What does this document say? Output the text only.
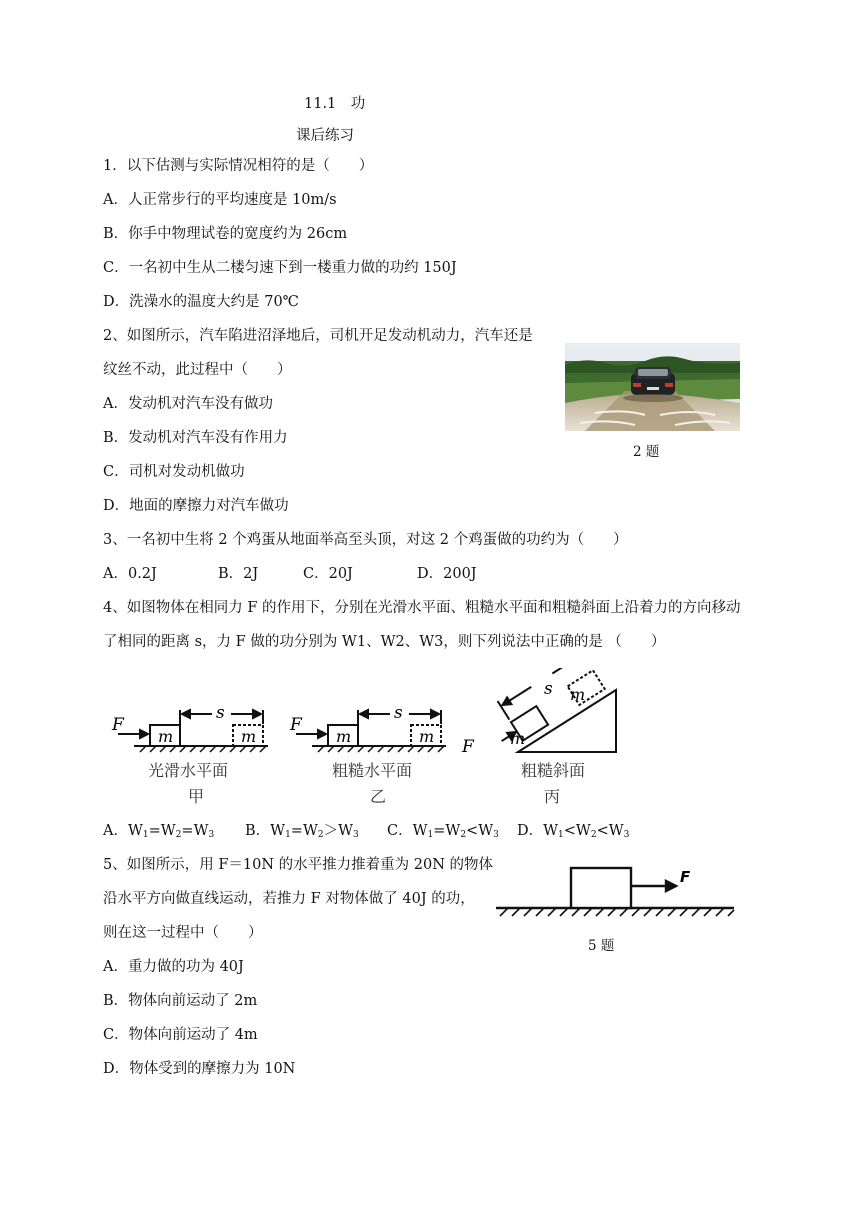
11.1　功
课后练习
1．以下估测与实际情况相符的是（　　）
A．人正常步行的平均速度是 10m/s
B．你手中物理试卷的宽度约为 26cm
C．一名初中生从二楼匀速下到一楼重力做的功约 150J
D．洗澡水的温度大约是 70℃
2、如图所示，汽车陷进沼泽地后，司机开足发动机动力，汽车还是
纹丝不动，此过程中（　　）
A．发动机对汽车没有做功
B．发动机对汽车没有作用力
C．司机对发动机做功
D．地面的摩擦力对汽车做功
2 题
3、一名初中生将 2 个鸡蛋从地面举高至头顶，对这 2 个鸡蛋做的功约为（　　）
A．0.2J	B．2J	C．20J	D．200J
4、如图物体在相同力 F 的作用下，分别在光滑水平面、粗糙水平面和粗糙斜面上沿着力的方向移动
了相同的距离 s，力 F 做的功分别为 W1、W2、W3，则下列说法中正确的是 （　　）
F
m	m
s
光滑水平面
甲
F
m	m
s
粗糙水平面
乙
F m
m
s
粗糙斜面
丙
A．$W_1=W_2=W_3$ B．$W_1=W_2>W_3$ C．$W_1=W_2<W_3$ D．$W_1<W_2<W_3$
5、如图所示，用 F＝10N 的水平推力推着重为 20N 的物体
沿水平方向做直线运动，若推力 F 对物体做了 40J 的功，
则在这一过程中（　　）
A．重力做的功为 40J
B．物体向前运动了 2m
C．物体向前运动了 4m
D．物体受到的摩擦力为 10N
F
5 题
